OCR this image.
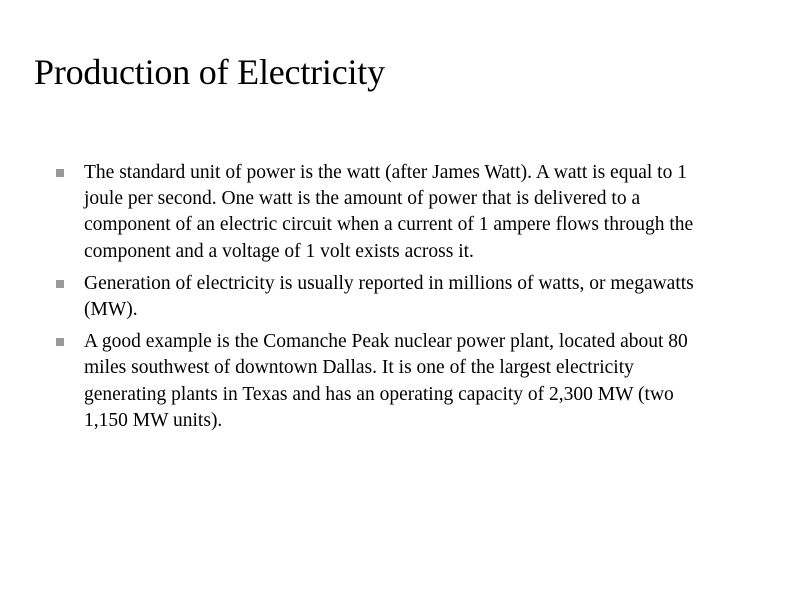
Production of Electricity
The standard unit of power is the watt (after James Watt). A watt is equal to 1 joule per second. One watt is the amount of power that is delivered to a component of an electric circuit when a current of 1 ampere flows through the component and a voltage of 1 volt exists across it.
Generation of electricity is usually reported in millions of watts, or megawatts (MW).
A good example is the Comanche Peak nuclear power plant, located about 80 miles southwest of downtown Dallas. It is one of the largest electricity generating plants in Texas and has an operating capacity of 2,300 MW (two 1,150 MW units).
